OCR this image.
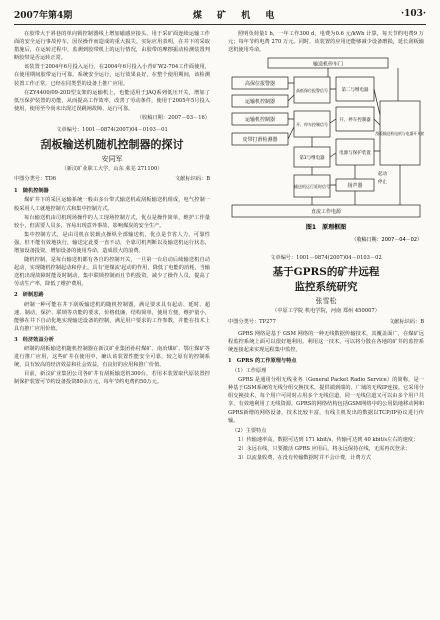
2007年第4期	煤 矿 机 电	·103·

在胶带大于斜巷的单向锁控制器线上增加磁感应接头，用于采矿面连续运输工作面的安全运行事故停车，因误操作而造成的重大损失。实际应用表明，在井下的采取措施后，在运转过程中，监测到胶带机上的运行情况，由胶带的摩擦振动检测装置判断胶带是否运转正常。

该装置于2004年6月投入运行，在2004年6月投入小青矿W2-704工作面使用，在使用期间胶带运行可靠。系统安全运行，运行效果良好，在整个使用期间，该检测装置工作正常，已经在同类型的设备上推广应用。

在ZY4400/09-20D型支架的运输机上，也能适用于JAQ系列低压开关，增加了低压保护装置的功能，从而提高工作效率，改善了劳动条件，使用于2005年5月投入使用，使用至今尚未出现过误跳闸故障，运行可靠。

（收稿日期：2007－03－16）
文章编号：1001－0874(2007)04－0103－01
刮板输送机随机控制器的探讨
安同军
（新汶矿业职工大学，山东 莱芜 271100）
中图分类号：TD6	文献标识码：B
1　随机控制器

煤矿井下的采区运输系统一般由多台带式输送机或刮板输送机组成，电气控制一般采用人工就地控制方式和集中控制方式。

每台输送机由司机现场操作的人工现场控制方式，优点是操作简单，维护工作量较小，但需要人员多，容易出现意外事故，影响煤炭的安全生产。

集中控制方式，是由司机在装载点操纵全部输送机，优点是节省人力，可靠性强，但不能有效地执行，输送定此要一直不动，全靠司机判断以及输送机运行状态，增加设备投资，增加设备的使用寿命，造成很大的浪费。

随机控制，是每台输送机都有各自的控制开关，一旦第一台启动后续输送机自动起动，实现随机控制起动和停止，具有'逆煤流'起动的作用，降低了电能的消耗，当输送机出现故障时能及时制动，集中联锁控制而且节约投资。减少了操作人员，提高了劳动生产率，降低了维护费用。

2　研制思路

研制一种可能在井下刮板输送机的随机控制器，满足要求具有起动、延时、超速、制动、保护、联锁等功能的要求，价格低廉，结构简单，使用方便，维护量小，能够在井下自动化地实现输送设备的控制，满足用户要求的工作参数，并能在技术上具有推广应用价值。

3　经济效益分析

研制的刮板输送机随机控制器在新汶矿业集团孙村煤矿、南冶煤矿、鄂庄煤矿等进行推广应用，这些矿井在使用中，确认该装置性能安全可靠，较之原有的控制系统，具有较高的经济效益和社会效益，有良好的应用和推广价值。

目前，新汶矿业集团公司各矿井有刮板输送机300台，若用本装置取代原装置控制保护装置可节约设备投资80余万元，每年节约电费约50万元。

照明负荷量1 h，一年工作300 d，电费为0.6 元/kWh 计算，每天节约电费9 万元；每年节约电费 270 万元。同时，该装置的应用还能够减少设备磨损，延长刮板输送机使用寿命。

输送机停车门
高保位报警器
运输机控制器
运输机控制器
皮带打滑检测器
高低保位报警信号
开、停车控制信号
第二与继电器
开、停车控制器
第1与继电器
电源与保护装置
输送机运行延时信号
刮板输送机电机与电器开关箱
扬声器
直流工作电源
起动
停止
图1　原理框图
（收稿日期：2007－04－02）
文章编号：1001－0874(2007)04－0103－02
基于GPRS的矿井远程
监控系统研究
张雪松
（中原工学院 机电学院，河南 郑州 450007）
中图分类号：TP277	文献标识码：B

GPRS 网络是基于 GSM 网络的一种无线数据传输技术，其覆盖面广，在煤矿远程监控系统上面可以很好地利用。利用这一技术，可以将分散在各地的矿井的监控系统连接起来实现远程集中监控。

1　GPRS 的工作原理与特点
（1）工作原理

GPRS 是通用分组无线业务（General Packet Radio Service）的简称，是一种基于GSM系统的无线分组交换技术，提供端到端的、广域的无线IP连接。它采用分组交换技术，每个用户可同时占用多个无线信道，同一无线信道又可以由多个用户共享，有效地利用了无线资源。GPRS的网络结构包括GSM网络中的公用陆地移动网和GPRS新增的网络设备，技术比较丰富，有线主机发出的数据以TCP/IP协议进行传输。

（2）主要特点

1）传输速率高，数据可达到 171 kbit/s，传输可达到 40 kbit/s左右的速度；

2）永远在线，只要激活 GPRS 应用后，将永远保持在线，无需再次登录；

3）以流量收费，在没有传输数据时并不会计费，计费方式
